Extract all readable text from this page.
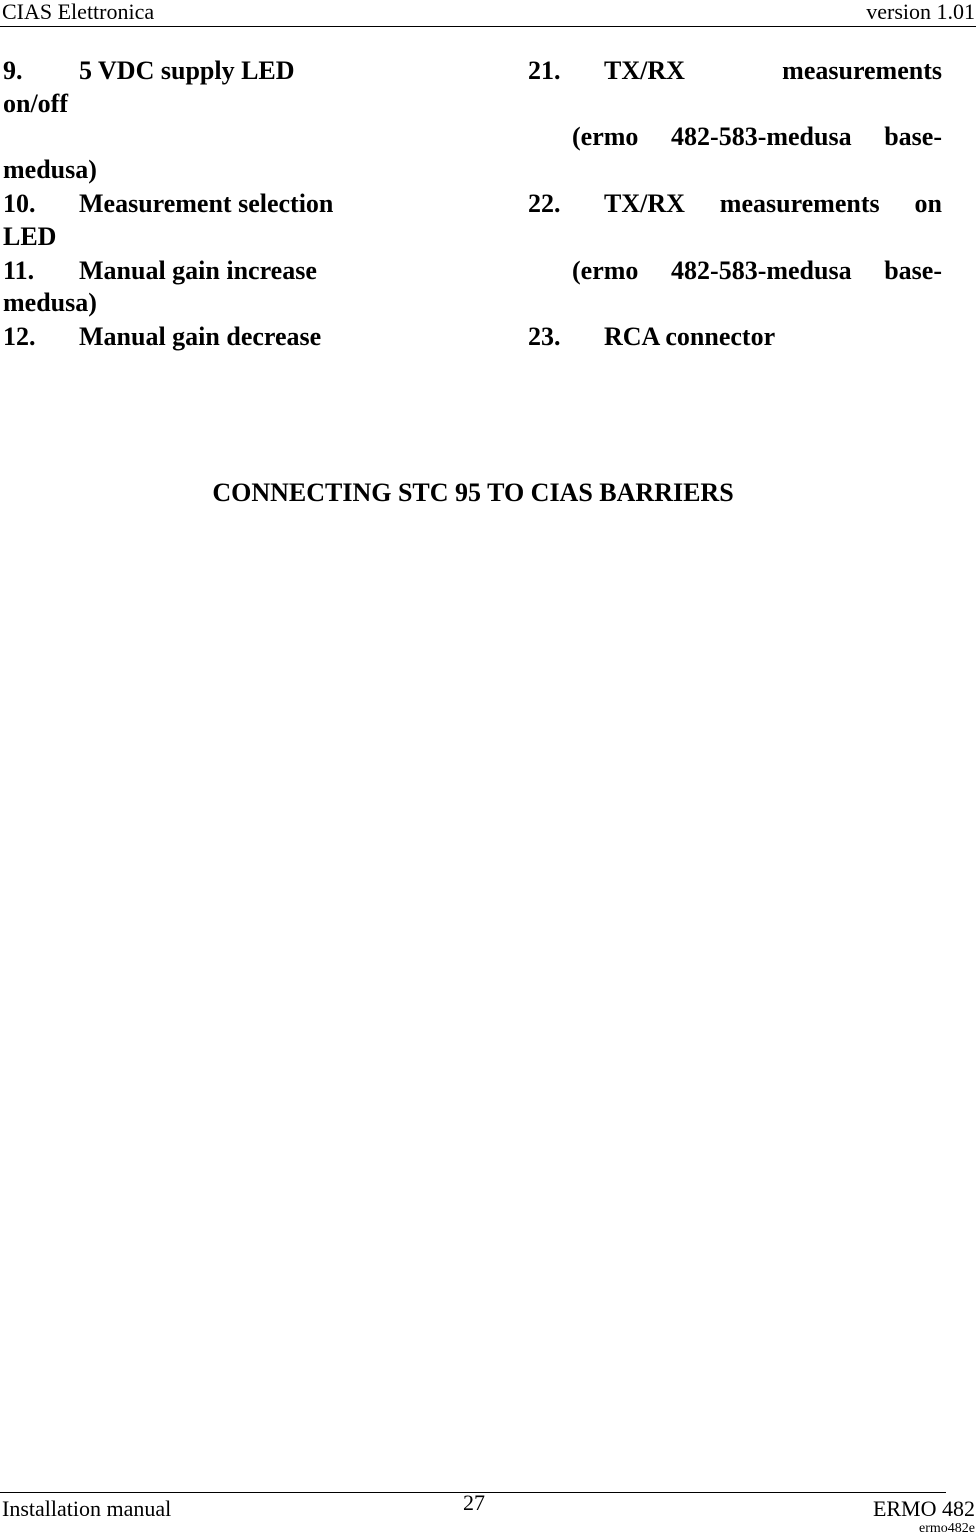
CIAS Elettronica	version 1.01
9. 5 VDC supply LED
on/off
medusa)
10. Measurement selection
LED
11. Manual gain increase
medusa)
12. Manual gain decrease
21. TX/RX	measurements
(ermo 482-583-medusa base-
22. TX/RX measurements on
(ermo 482-583-medusa base-
23. RCA connector
CONNECTING STC 95 TO CIAS BARRIERS
Installation manual	27	ERMO 482
ermo482e
